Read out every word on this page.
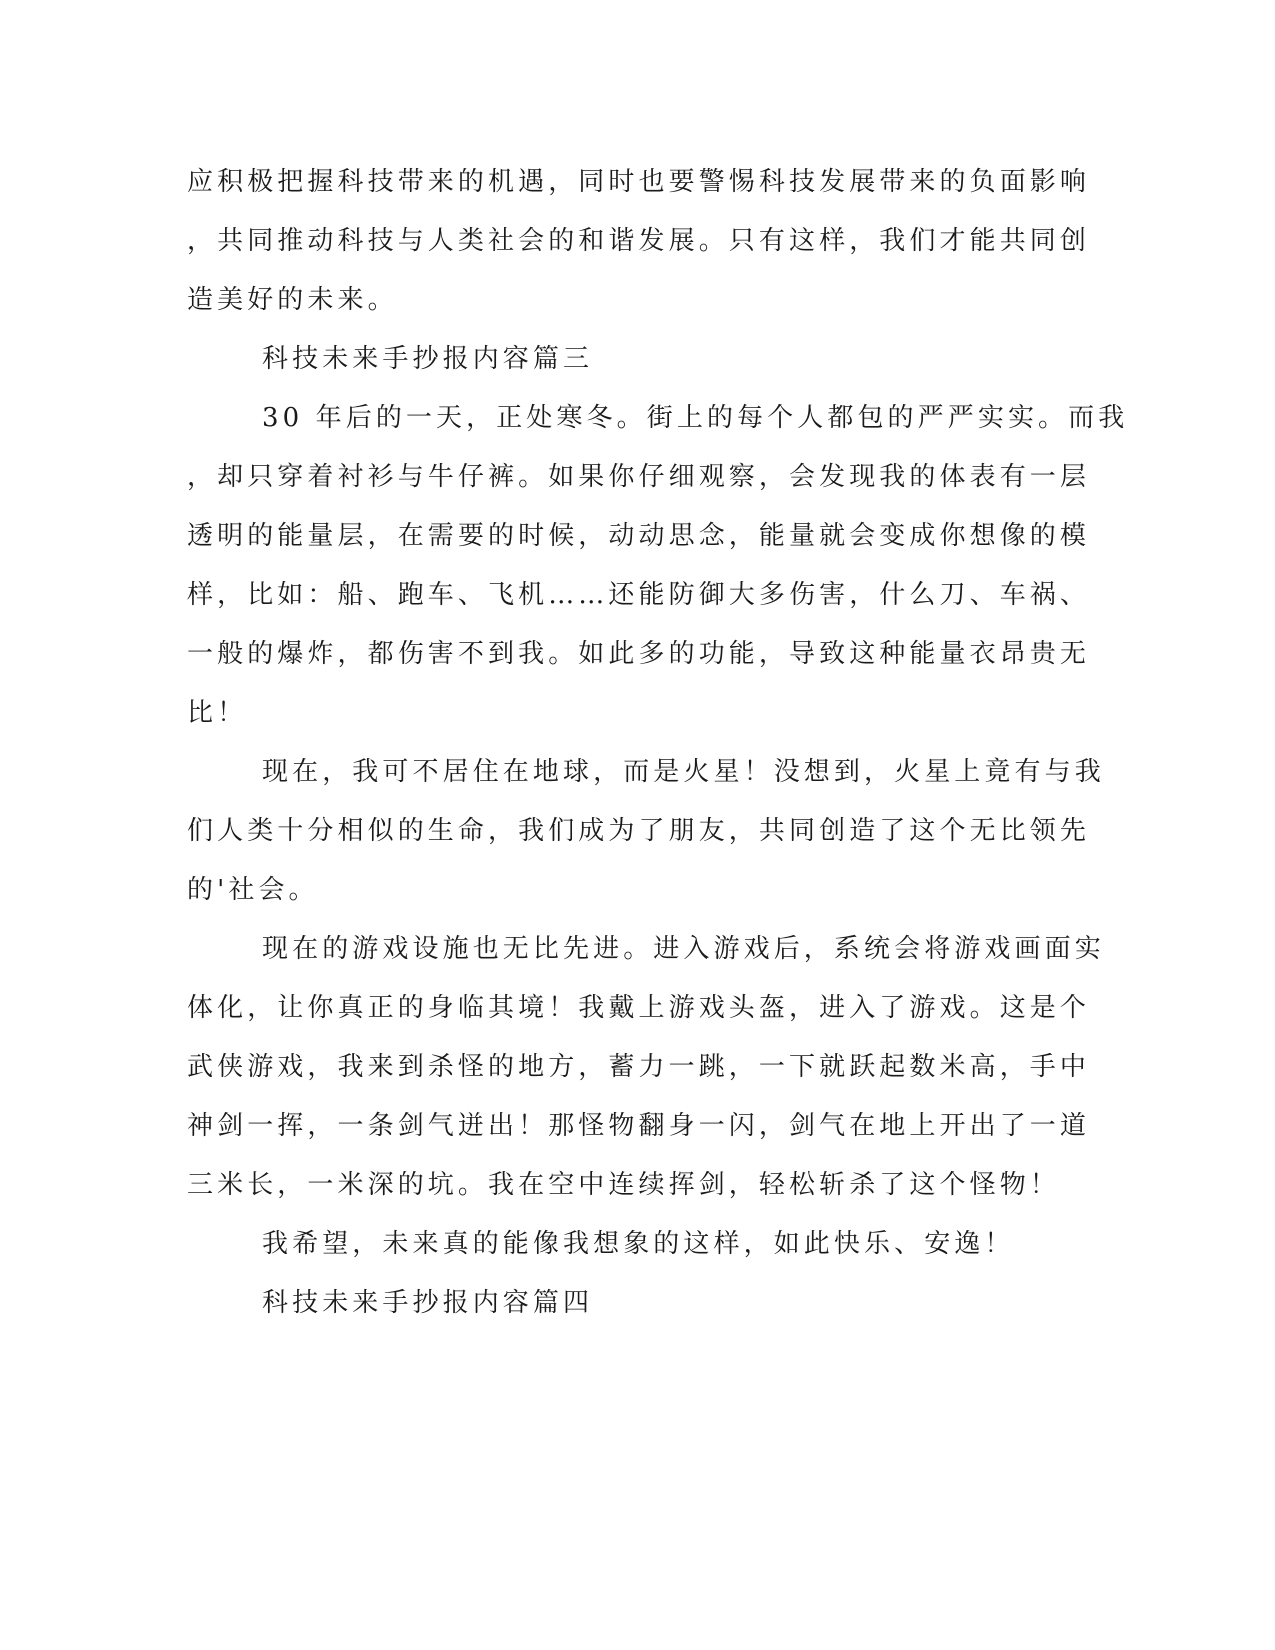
应积极把握科技带来的机遇，同时也要警惕科技发展带来的负面影响
，共同推动科技与人类社会的和谐发展。只有这样，我们才能共同创
造美好的未来。
科技未来手抄报内容篇三
30 年后的一天，正处寒冬。街上的每个人都包的严严实实。而我
，却只穿着衬衫与牛仔裤。如果你仔细观察，会发现我的体表有一层
透明的能量层，在需要的时候，动动思念，能量就会变成你想像的模
样，比如：船、跑车、飞机……还能防御大多伤害，什么刀、车祸、
一般的爆炸，都伤害不到我。如此多的功能，导致这种能量衣昂贵无
比！
现在，我可不居住在地球，而是火星！没想到，火星上竟有与我
们人类十分相似的生命，我们成为了朋友，共同创造了这个无比领先
的'社会。
现在的游戏设施也无比先进。进入游戏后，系统会将游戏画面实
体化，让你真正的身临其境！我戴上游戏头盔，进入了游戏。这是个
武侠游戏，我来到杀怪的地方，蓄力一跳，一下就跃起数米高，手中
神剑一挥，一条剑气迸出！那怪物翻身一闪，剑气在地上开出了一道
三米长，一米深的坑。我在空中连续挥剑，轻松斩杀了这个怪物！
我希望，未来真的能像我想象的这样，如此快乐、安逸！
科技未来手抄报内容篇四
